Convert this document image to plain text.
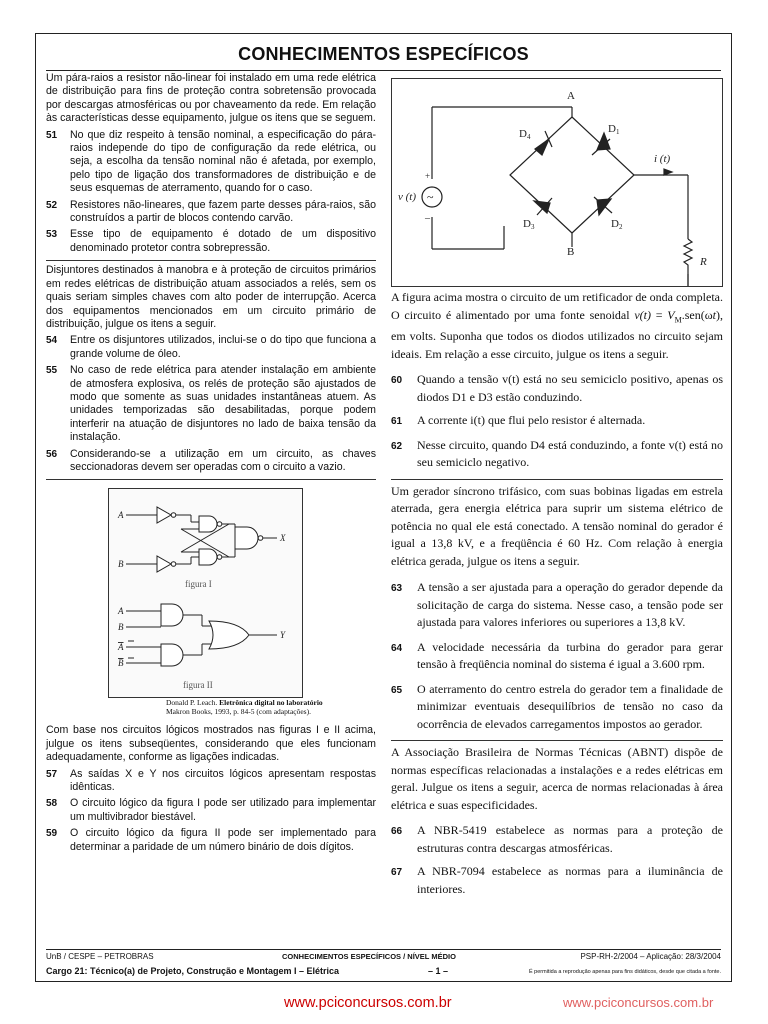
CONHECIMENTOS ESPECÍFICOS
Um pára-raios a resistor não-linear foi instalado em uma rede elétrica de distribuição para fins de proteção contra sobretensão provocada por descargas atmosféricas ou por chaveamento da rede. Em relação às características desse equipamento, julgue os itens que se seguem.
51	No que diz respeito à tensão nominal, a especificação do pára-raios independe do tipo de configuração da rede elétrica, ou seja, a escolha da tensão nominal não é afetada, por exemplo, pelo tipo de ligação dos transformadores de distribuição e de seus esquemas de aterramento, quando for o caso.
52	Resistores não-lineares, que fazem parte desses pára-raios, são construídos a partir de blocos contendo carvão.
53	Esse tipo de equipamento é dotado de um dispositivo denominado protetor contra sobrepressão.
Disjuntores destinados à manobra e à proteção de circuitos primários em redes elétricas de distribuição atuam associados a relés, sem os quais seriam simples chaves com alto poder de interrupção. Acerca dos equipamentos mencionados em um circuito primário de distribuição, julgue os itens a seguir.
54	Entre os disjuntores utilizados, inclui-se o do tipo que funciona a grande volume de óleo.
55	No caso de rede elétrica para atender instalação em ambiente de atmosfera explosiva, os relés de proteção são ajustados de modo que somente as suas unidades instantâneas atuem. As unidades temporizadas são desabilitadas, porque podem interferir na atuação de disjuntores no lado de baixa tensão da instalação.
56	Considerando-se a utilização em um circuito, as chaves seccionadoras devem ser operadas com o circuito a vazio.
A
B
X
A
B
A
B
Y
figura I
figura II
Donald P. Leach. Eletrônica digital no laboratório
Makron Books, 1993, p. 84-5 (com adaptações).
Com base nos circuitos lógicos mostrados nas figuras I e II acima, julgue os itens subseqüentes, considerando que eles funcionam adequadamente, conforme as ligações indicadas.
57	As saídas X e Y nos circuitos lógicos apresentam respostas idênticas.
58	O circuito lógico da figura I pode ser utilizado para implementar um multivibrador biestável.
59	O circuito lógico da figura II pode ser implementado para determinar a paridade de um número binário de dois dígitos.
A
B
D1
D2
D3
D4
v (t)
i (t)
R
+
–
~
A figura acima mostra o circuito de um retificador de onda completa. O circuito é alimentado por uma fonte senoidal $v(t) = V_M.sen(\omega t)$, em volts. Suponha que todos os diodos utilizados no circuito sejam ideais. Em relação a esse circuito, julgue os itens a seguir.
60	Quando a tensão v(t) está no seu semiciclo positivo, apenas os diodos D1 e D3 estão conduzindo.
61	A corrente i(t) que flui pelo resistor é alternada.
62	Nesse circuito, quando D4 está conduzindo, a fonte v(t) está no seu semiciclo negativo.
Um gerador síncrono trifásico, com suas bobinas ligadas em estrela aterrada, gera energia elétrica para suprir um sistema elétrico de potência no qual ele está conectado. A tensão nominal do gerador é igual a 13,8 kV, e a freqüência é 60 Hz. Com relação à energia elétrica gerada, julgue os itens a seguir.
63	A tensão a ser ajustada para a operação do gerador depende da solicitação de carga do sistema. Nesse caso, a tensão pode ser ajustada para valores inferiores ou superiores a 13,8 kV.
64	A velocidade necessária da turbina do gerador para gerar tensão à freqüência nominal do sistema é igual a 3.600 rpm.
65	O aterramento do centro estrela do gerador tem a finalidade de minimizar eventuais desequilíbrios de tensão no caso da ocorrência de elevados carregamentos impostos ao gerador.
A Associação Brasileira de Normas Técnicas (ABNT) dispõe de normas específicas relacionadas a instalações e a redes elétricas em geral. Julgue os itens a seguir, acerca de normas relacionadas à área elétrica e suas especificidades.
66	A NBR-5419 estabelece as normas para a proteção de estruturas contra descargas atmosféricas.
67	A NBR-7094 estabelece as normas para a iluminância de interiores.
UnB / CESPE – PETROBRAS	CONHECIMENTOS ESPECÍFICOS / NÍVEL MÉDIO	PSP-RH-2/2004 – Aplicação: 28/3/2004
Cargo 21: Técnico(a) de Projeto, Construção e Montagem I – Elétrica	– 1 –	É permitida a reprodução apenas para fins didáticos, desde que citada a fonte.
www.pciconcursos.com.br	www.pciconcursos.com.br
